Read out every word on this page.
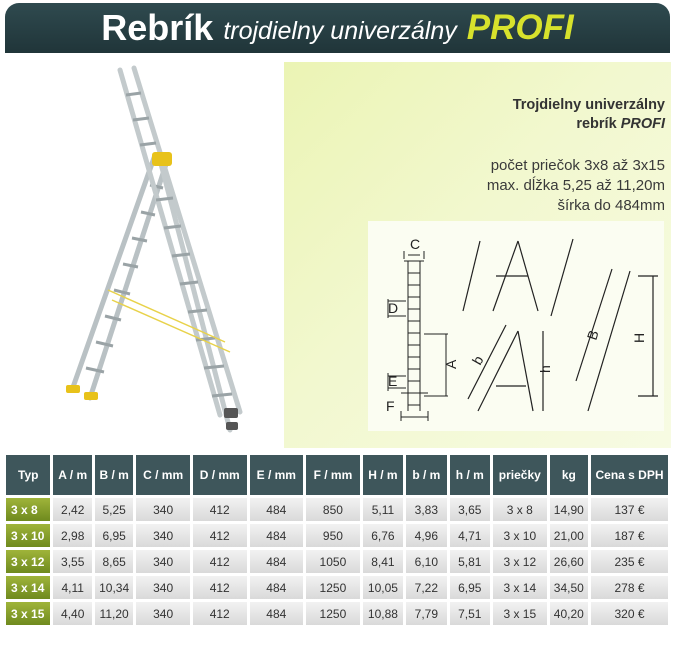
Rebrík trojdielny univerzálny PROFI
Trojdielny univerzálny
rebrík PROFI
počet priečok 3x8 až 3x15
max. dĺžka 5,25 až 11,20m
šírka do 484mm
C
D
A
E
F
b
h
B H
Typ	A / m	B / m	C / mm	D / mm	E / mm	F / mm	H / m	b / m	h / m	priečky	kg	Cena s DPH
3 x 8	2,42	5,25	340	412	484	850	5,11	3,83	3,65	3 x 8	14,90	137 €
3 x 10	2,98	6,95	340	412	484	950	6,76	4,96	4,71	3 x 10	21,00	187 €
3 x 12	3,55	8,65	340	412	484	1050	8,41	6,10	5,81	3 x 12	26,60	235 €
3 x 14	4,11	10,34	340	412	484	1250	10,05	7,22	6,95	3 x 14	34,50	278 €
3 x 15	4,40	11,20	340	412	484	1250	10,88	7,79	7,51	3 x 15	40,20	320 €
